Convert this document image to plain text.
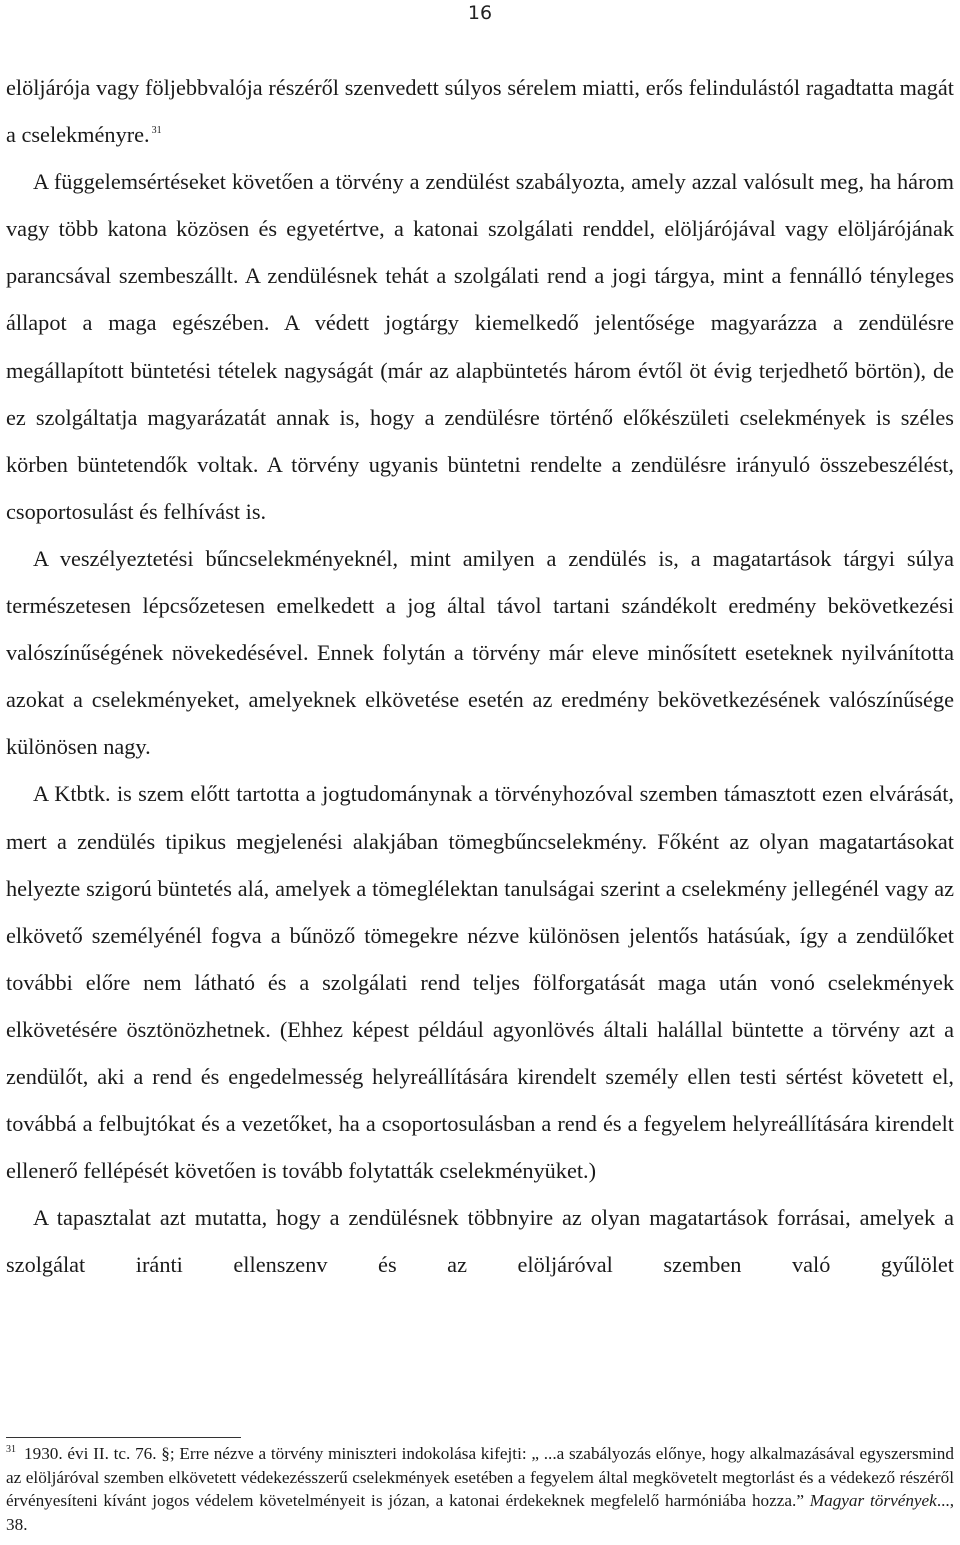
16

elöljárója vagy följebbvalója részéről szenvedett súlyos sérelem miatti, erős felindulástól ragadtatta magát a cselekményre. $^{31}$

A függelemsértéseket követően a törvény a zendülést szabályozta, amely azzal valósult meg, ha három vagy több katona közösen és egyetértve, a katonai szolgálati renddel, elöljárójával vagy elöljárójának parancsával szembeszállt. A zendülésnek tehát a szolgálati rend a jogi tárgya, mint a fennálló tényleges állapot a maga egészében. A védett jogtárgy kiemelkedő jelentősége magyarázza a zendülésre megállapított büntetési tételek nagyságát (már az alapbüntetés három évtől öt évig terjedhető börtön), de ez szolgáltatja magyarázatát annak is, hogy a zendülésre történő előkészületi cselekmények is széles körben büntetendők voltak. A törvény ugyanis büntetni rendelte a zendülésre irányuló összebeszélést, csoportosulást és felhívást is.

A veszélyeztetési bűncselekményeknél, mint amilyen a zendülés is, a magatartások tárgyi súlya természetesen lépcsőzetesen emelkedett a jog által távol tartani szándékolt eredmény bekövetkezési valószínűségének növekedésével. Ennek folytán a törvény már eleve minősített eseteknek nyilvánította azokat a cselekményeket, amelyeknek elkövetése esetén az eredmény bekövetkezésének valószínűsége különösen nagy.

A Ktbtk. is szem előtt tartotta a jogtudománynak a törvényhozóval szemben támasztott ezen elvárását, mert a zendülés tipikus megjelenési alakjában tömegbűncselekmény. Főként az olyan magatartásokat helyezte szigorú büntetés alá, amelyek a tömeglélektan tanulságai szerint a cselekmény jellegénél vagy az elkövető személyénél fogva a bűnöző tömegekre nézve különösen jelentős hatásúak, így a zendülőket további előre nem látható és a szolgálati rend teljes fölforgatását maga után vonó cselekmények elkövetésére ösztönözhetnek. (Ehhez képest például agyonlövés általi halállal büntette a törvény azt a zendülőt, aki a rend és engedelmesség helyreállítására kirendelt személy ellen testi sértést követett el, továbbá a felbujtókat és a vezetőket, ha a csoportosulásban a rend és a fegyelem helyreállítására kirendelt ellenerő fellépését követően is tovább folytatták cselekményüket.)

A tapasztalat azt mutatta, hogy a zendülésnek többnyire az olyan magatartások forrásai, amelyek a szolgálat iránti ellenszenv és az elöljáróval szemben való gyűlölet

$^{31}$ 1930. évi II. tc. 76. §; Erre nézve a törvény miniszteri indokolása kifejti: „ ...a szabályozás előnye, hogy alkalmazásával egyszersmind az elöljáróval szemben elkövetett védekezésszerű cselekmények esetében a fegyelem által megkövetelt megtorlást és a védekező részéről érvényesíteni kívánt jogos védelem követelményeit is józan, a katonai érdekeknek megfelelő harmóniába hozza.” Magyar törvények..., 38.
